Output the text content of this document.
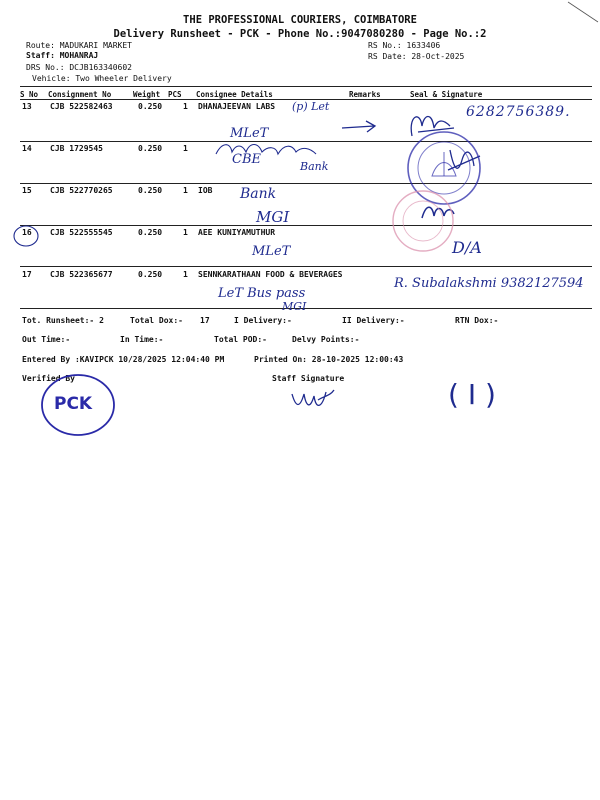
THE PROFESSIONAL COURIERS, COIMBATORE
Delivery Runsheet - PCK - Phone No.:9047080280 - Page No.:2
Route: MADUKARI MARKET
Staff: MOHANRAJ
DRS No.: DCJB163340602
Vehicle: Two Wheeler Delivery
RS No.: 1633406
RS Date: 28-Oct-2025
S No Consignment No	Weight PCS Consignee Details	Remarks	Seal & Signature
13 CJB 522582463	0.250	1 DHANAJEEVAN LABS
14 CJB 1729545	0.250	1
15 CJB 522770265	0.250	1 IOB
16 CJB 522555545	0.250	1 AEE KUNIYAMUTHUR
17 CJB 522365677	0.250	1 SENNKARATHAAN FOOD & BEVERAGES
(p) Let	6282756389.
MLeT
CBE	Bank
Bank
MGI
D/A
MLeT
R. Subalakshmi 9382127594
LeT Bus pass
MGI
Tot. Runsheet:- 2	Total Dox:- 17	I Delivery:-	II Delivery:-	RTN Dox:-
Out Time:-	In Time:-	Total POD:-	Delvy Points:-
Entered By :KAVIPCK 10/28/2025 12:04:40 PM	Printed On: 28-10-2025 12:00:43
Verified By	Staff Signature
PCK	( I )
